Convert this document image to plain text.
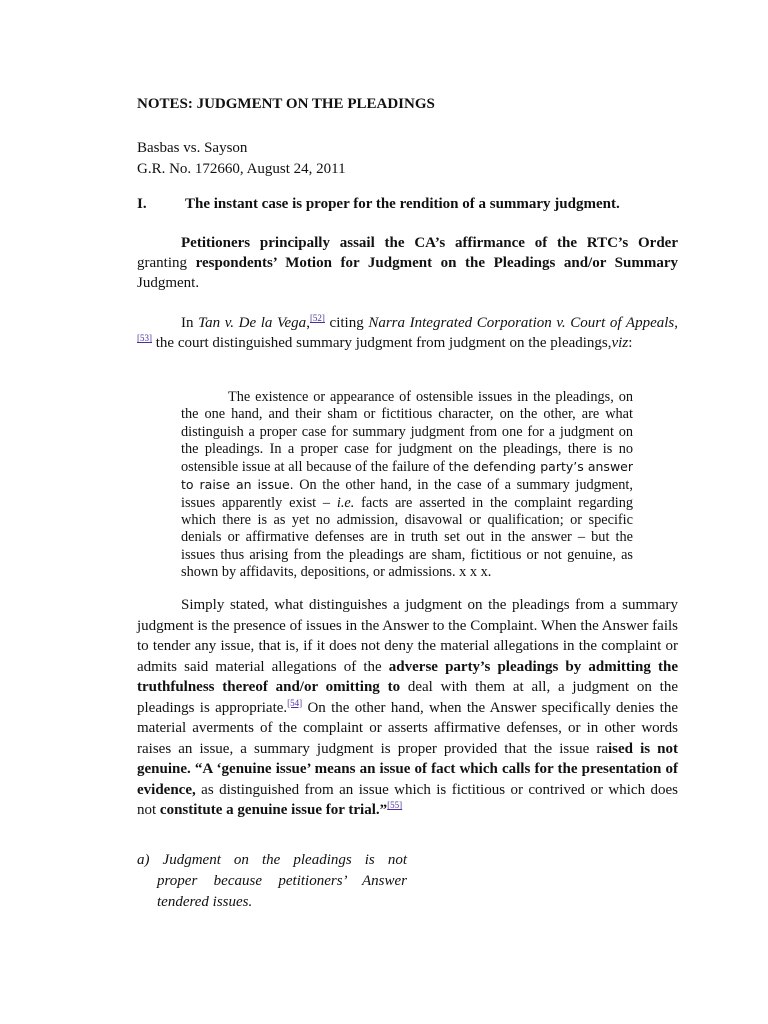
NOTES: JUDGMENT ON THE PLEADINGS
Basbas vs. Sayson
G.R. No. 172660, August 24, 2011
I.	The instant case is proper for the rendition of a summary judgment.
Petitioners principally assail the CA’s affirmance of the RTC’s Order
granting respondents’ Motion for Judgment on the Pleadings and/or Summary
Judgment.
In Tan v. De la Vega,[52] citing Narra Integrated Corporation v. Court of Appeals,[53] the court distinguished summary judgment from judgment on the pleadings,viz:
The existence or appearance of ostensible issues in the pleadings, on the one hand, and their sham or fictitious character, on the other, are what distinguish a proper case for summary judgment from one for a judgment on the pleadings. In a proper case for judgment on the pleadings, there is no ostensible issue at all because of the failure of the defending party’s answer to raise an issue. On the other hand, in the case of a summary judgment, issues apparently exist – i.e. facts are asserted in the complaint regarding which there is as yet no admission, disavowal or qualification; or specific denials or affirmative defenses are in truth set out in the answer – but the issues thus arising from the pleadings are sham, fictitious or not genuine, as shown by affidavits, depositions, or admissions. x x x.
Simply stated, what distinguishes a judgment on the pleadings from a summary judgment is the presence of issues in the Answer to the Complaint. When the Answer fails to tender any issue, that is, if it does not deny the material allegations in the complaint or admits said material allegations of the adverse party’s pleadings by admitting the truthfulness thereof and/or omitting to deal with them at all, a judgment on the pleadings is appropriate.[54] On the other hand, when the Answer specifically denies the material averments of the complaint or asserts affirmative defenses, or in other words raises an issue, a summary judgment is proper provided that the issue raised is not genuine. “A ‘genuine issue’ means an issue of fact which calls for the presentation of evidence, as distinguished from an issue which is fictitious or contrived or which does not constitute a genuine issue for trial.”[55]
a) Judgment on the pleadings is not
proper because petitioners’ Answer
tendered issues.
